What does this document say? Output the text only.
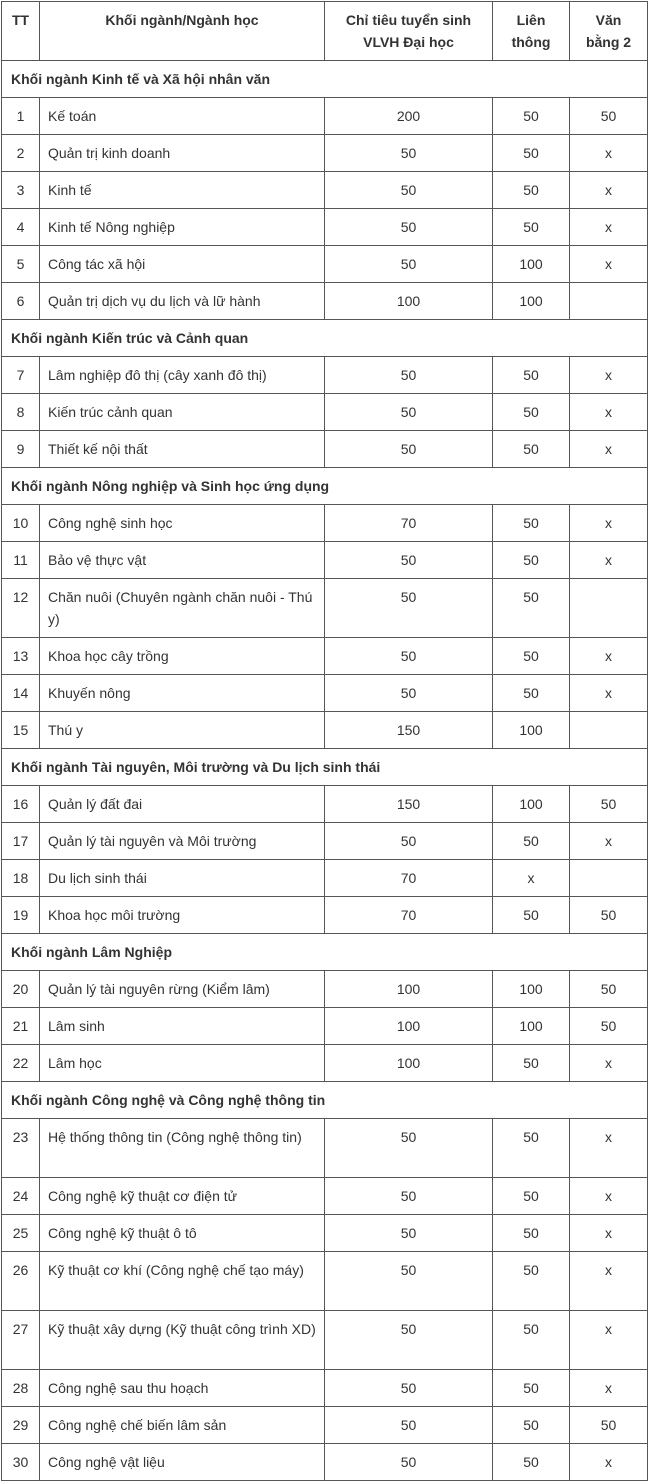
TT	Khối ngành/Ngành học	Chỉ tiêu tuyển sinh VLVH Đại học	Liên thông	Văn bằng 2
Khối ngành Kinh tế và Xã hội nhân văn				
1	Kế toán	200	50	50
2	Quản trị kinh doanh	50	50	x
3	Kinh tế	50	50	x
4	Kinh tế Nông nghiệp	50	50	x
5	Công tác xã hội	50	100	x
6	Quản trị dịch vụ du lịch và lữ hành	100	100	
Khối ngành Kiến trúc và Cảnh quan				
7	Lâm nghiệp đô thị (cây xanh đô thị)	50	50	x
8	Kiến trúc cảnh quan	50	50	x
9	Thiết kế nội thất	50	50	x
Khối ngành Nông nghiệp và Sinh học ứng dụng				
10	Công nghệ sinh học	70	50	x
11	Bảo vệ thực vật	50	50	x
12	Chăn nuôi (Chuyên ngành chăn nuôi - Thú y)	50	50	
13	Khoa học cây trồng	50	50	x
14	Khuyến nông	50	50	x
15	Thú y	150	100	
Khối ngành Tài nguyên, Môi trường và Du lịch sinh thái				
16	Quản lý đất đai	150	100	50
17	Quản lý tài nguyên và Môi trường	50	50	x
18	Du lịch sinh thái	70	x	
19	Khoa học môi trường	70	50	50
Khối ngành Lâm Nghiệp				
20	Quản lý tài nguyên rừng (Kiểm lâm)	100	100	50
21	Lâm sinh	100	100	50
22	Lâm học	100	50	x
Khối ngành Công nghệ và Công nghệ thông tin				
23	Hệ thống thông tin (Công nghệ thông tin)	50	50	x
24	Công nghệ kỹ thuật cơ điện tử	50	50	x
25	Công nghệ kỹ thuật ô tô	50	50	x
26	Kỹ thuật cơ khí (Công nghệ chế tạo máy)	50	50	x
27	Kỹ thuật xây dựng (Kỹ thuật công trình XD)	50	50	x
28	Công nghệ sau thu hoạch	50	50	x
29	Công nghệ chế biến lâm sản	50	50	50
30	Công nghệ vật liệu	50	50	x
